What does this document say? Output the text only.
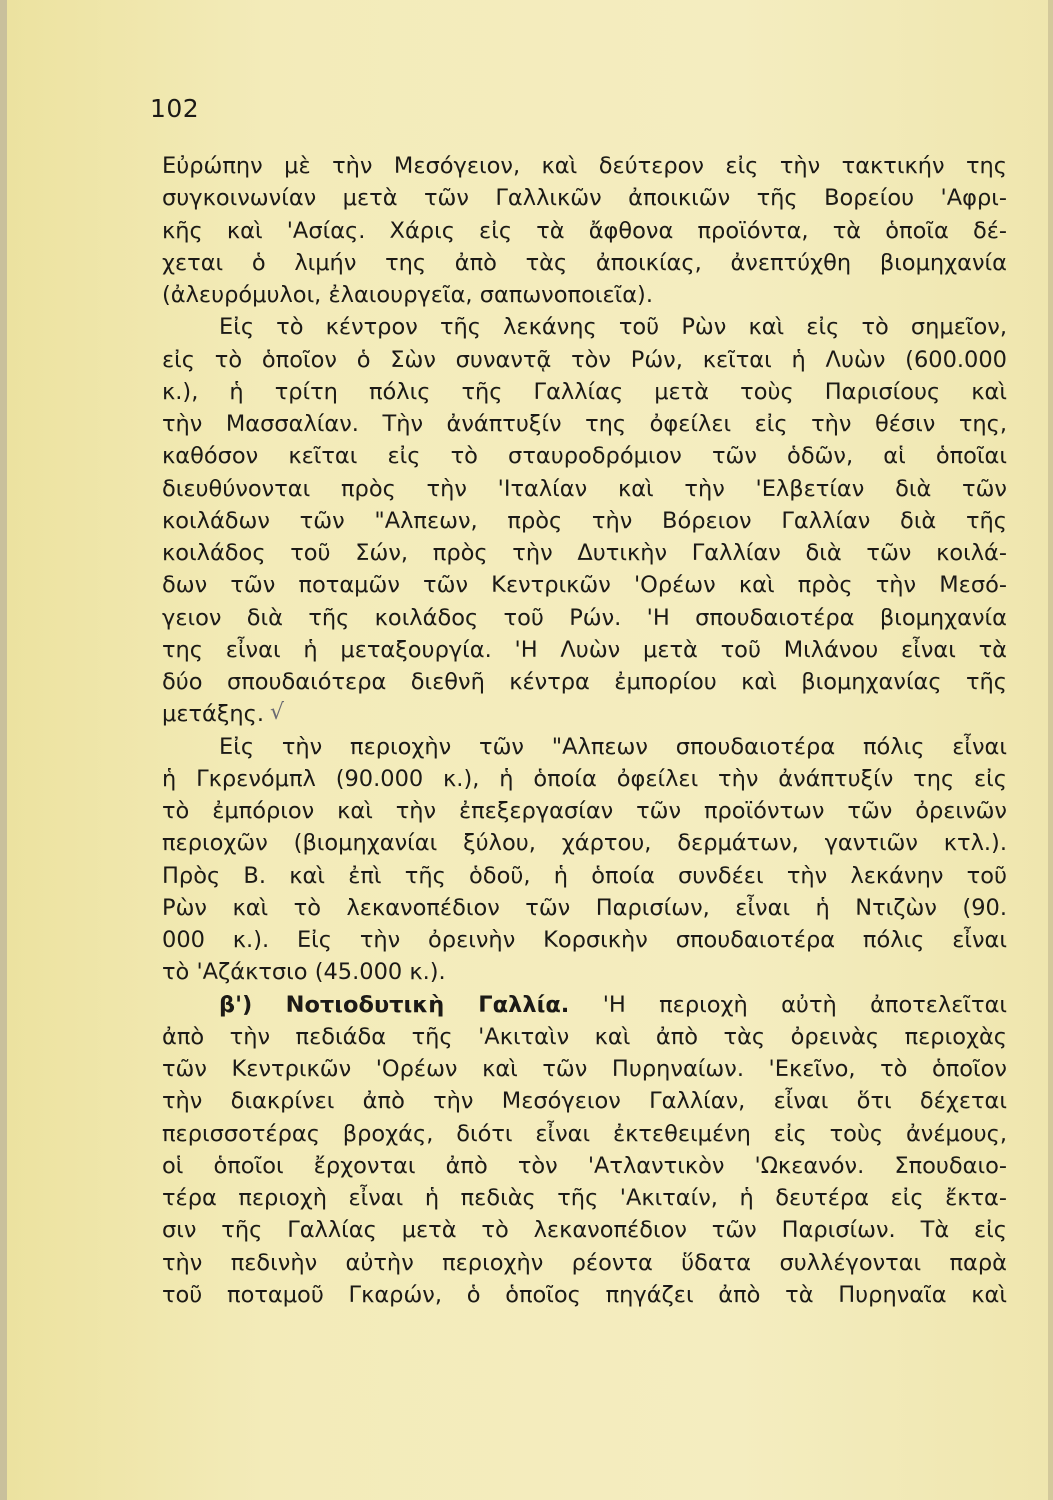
102
Εὐρώπην μὲ τὴν Μεσόγειον, καὶ δεύτερον εἰς τὴν τακτικήν της
συγκοινωνίαν μετὰ τῶν Γαλλικῶν ἀποικιῶν τῆς Βορείου 'Αφρι-
κῆς καὶ 'Ασίας. Χάρις εἰς τὰ ἄφθονα προϊόντα, τὰ ὁποῖα δέ-
χεται ὁ λιμήν της ἀπὸ τὰς ἀποικίας, ἀνεπτύχθη βιομηχανία
(ἀλευρόμυλοι, ἐλαιουργεῖα, σαπωνοποιεῖα).
Εἰς τὸ κέντρον τῆς λεκάνης τοῦ Ρὼν καὶ εἰς τὸ σημεῖον,
εἰς τὸ ὁποῖον ὁ Σὼν συναντᾷ τὸν Ρών, κεῖται ἡ Λυὼν (600.000
κ.), ἡ τρίτη πόλις τῆς Γαλλίας μετὰ τοὺς Παρισίους καὶ
τὴν Μασσαλίαν. Τὴν ἀνάπτυξίν της ὀφείλει εἰς τὴν θέσιν της,
καθόσον κεῖται εἰς τὸ σταυροδρόμιον τῶν ὁδῶν, αἱ ὁποῖαι
διευθύνονται πρὸς τὴν 'Ιταλίαν καὶ τὴν 'Ελβετίαν διὰ τῶν
κοιλάδων τῶν "Αλπεων, πρὸς τὴν Βόρειον Γαλλίαν διὰ τῆς
κοιλάδος τοῦ Σών, πρὸς τὴν Δυτικὴν Γαλλίαν διὰ τῶν κοιλά-
δων τῶν ποταμῶν τῶν Κεντρικῶν 'Ορέων καὶ πρὸς τὴν Μεσό-
γειον διὰ τῆς κοιλάδος τοῦ Ρών. 'Η σπουδαιοτέρα βιομηχανία
της εἶναι ἡ μεταξουργία. 'Η Λυὼν μετὰ τοῦ Μιλάνου εἶναι τὰ
δύο σπουδαιότερα διεθνῆ κέντρα ἐμπορίου καὶ βιομηχανίας τῆς
μετάξης. √
Εἰς τὴν περιοχὴν τῶν "Αλπεων σπουδαιοτέρα πόλις εἶναι
ἡ Γκρενόμπλ (90.000 κ.), ἡ ὁποία ὀφείλει τὴν ἀνάπτυξίν της εἰς
τὸ ἐμπόριον καὶ τὴν ἐπεξεργασίαν τῶν προϊόντων τῶν ὀρεινῶν
περιοχῶν (βιομηχανίαι ξύλου, χάρτου, δερμάτων, γαντιῶν κτλ.).
Πρὸς Β. καὶ ἐπὶ τῆς ὁδοῦ, ἡ ὁποία συνδέει τὴν λεκάνην τοῦ
Ρὼν καὶ τὸ λεκανοπέδιον τῶν Παρισίων, εἶναι ἡ Ντιζὼν (90.
000 κ.). Εἰς τὴν ὀρεινὴν Κορσικὴν σπουδαιοτέρα πόλις εἶναι
τὸ 'Αζάκτσιο (45.000 κ.).
β') Νοτιοδυτικὴ Γαλλία. 'Η περιοχὴ αὐτὴ ἀποτελεῖται
ἀπὸ τὴν πεδιάδα τῆς 'Ακιταὶν καὶ ἀπὸ τὰς ὀρεινὰς περιοχὰς
τῶν Κεντρικῶν 'Ορέων καὶ τῶν Πυρηναίων. 'Εκεῖνο, τὸ ὁποῖον
τὴν διακρίνει ἀπὸ τὴν Μεσόγειον Γαλλίαν, εἶναι ὅτι δέχεται
περισσοτέρας βροχάς, διότι εἶναι ἐκτεθειμένη εἰς τοὺς ἀνέμους,
οἱ ὁποῖοι ἔρχονται ἀπὸ τὸν 'Ατλαντικὸν 'Ωκεανόν. Σπουδαιο-
τέρα περιοχὴ εἶναι ἡ πεδιὰς τῆς 'Ακιταίν, ἡ δευτέρα εἰς ἔκτα-
σιν τῆς Γαλλίας μετὰ τὸ λεκανοπέδιον τῶν Παρισίων. Τὰ εἰς
τὴν πεδινὴν αὐτὴν περιοχὴν ρέοντα ὕδατα συλλέγονται παρὰ
τοῦ ποταμοῦ Γκαρών, ὁ ὁποῖος πηγάζει ἀπὸ τὰ Πυρηναῖα καὶ
